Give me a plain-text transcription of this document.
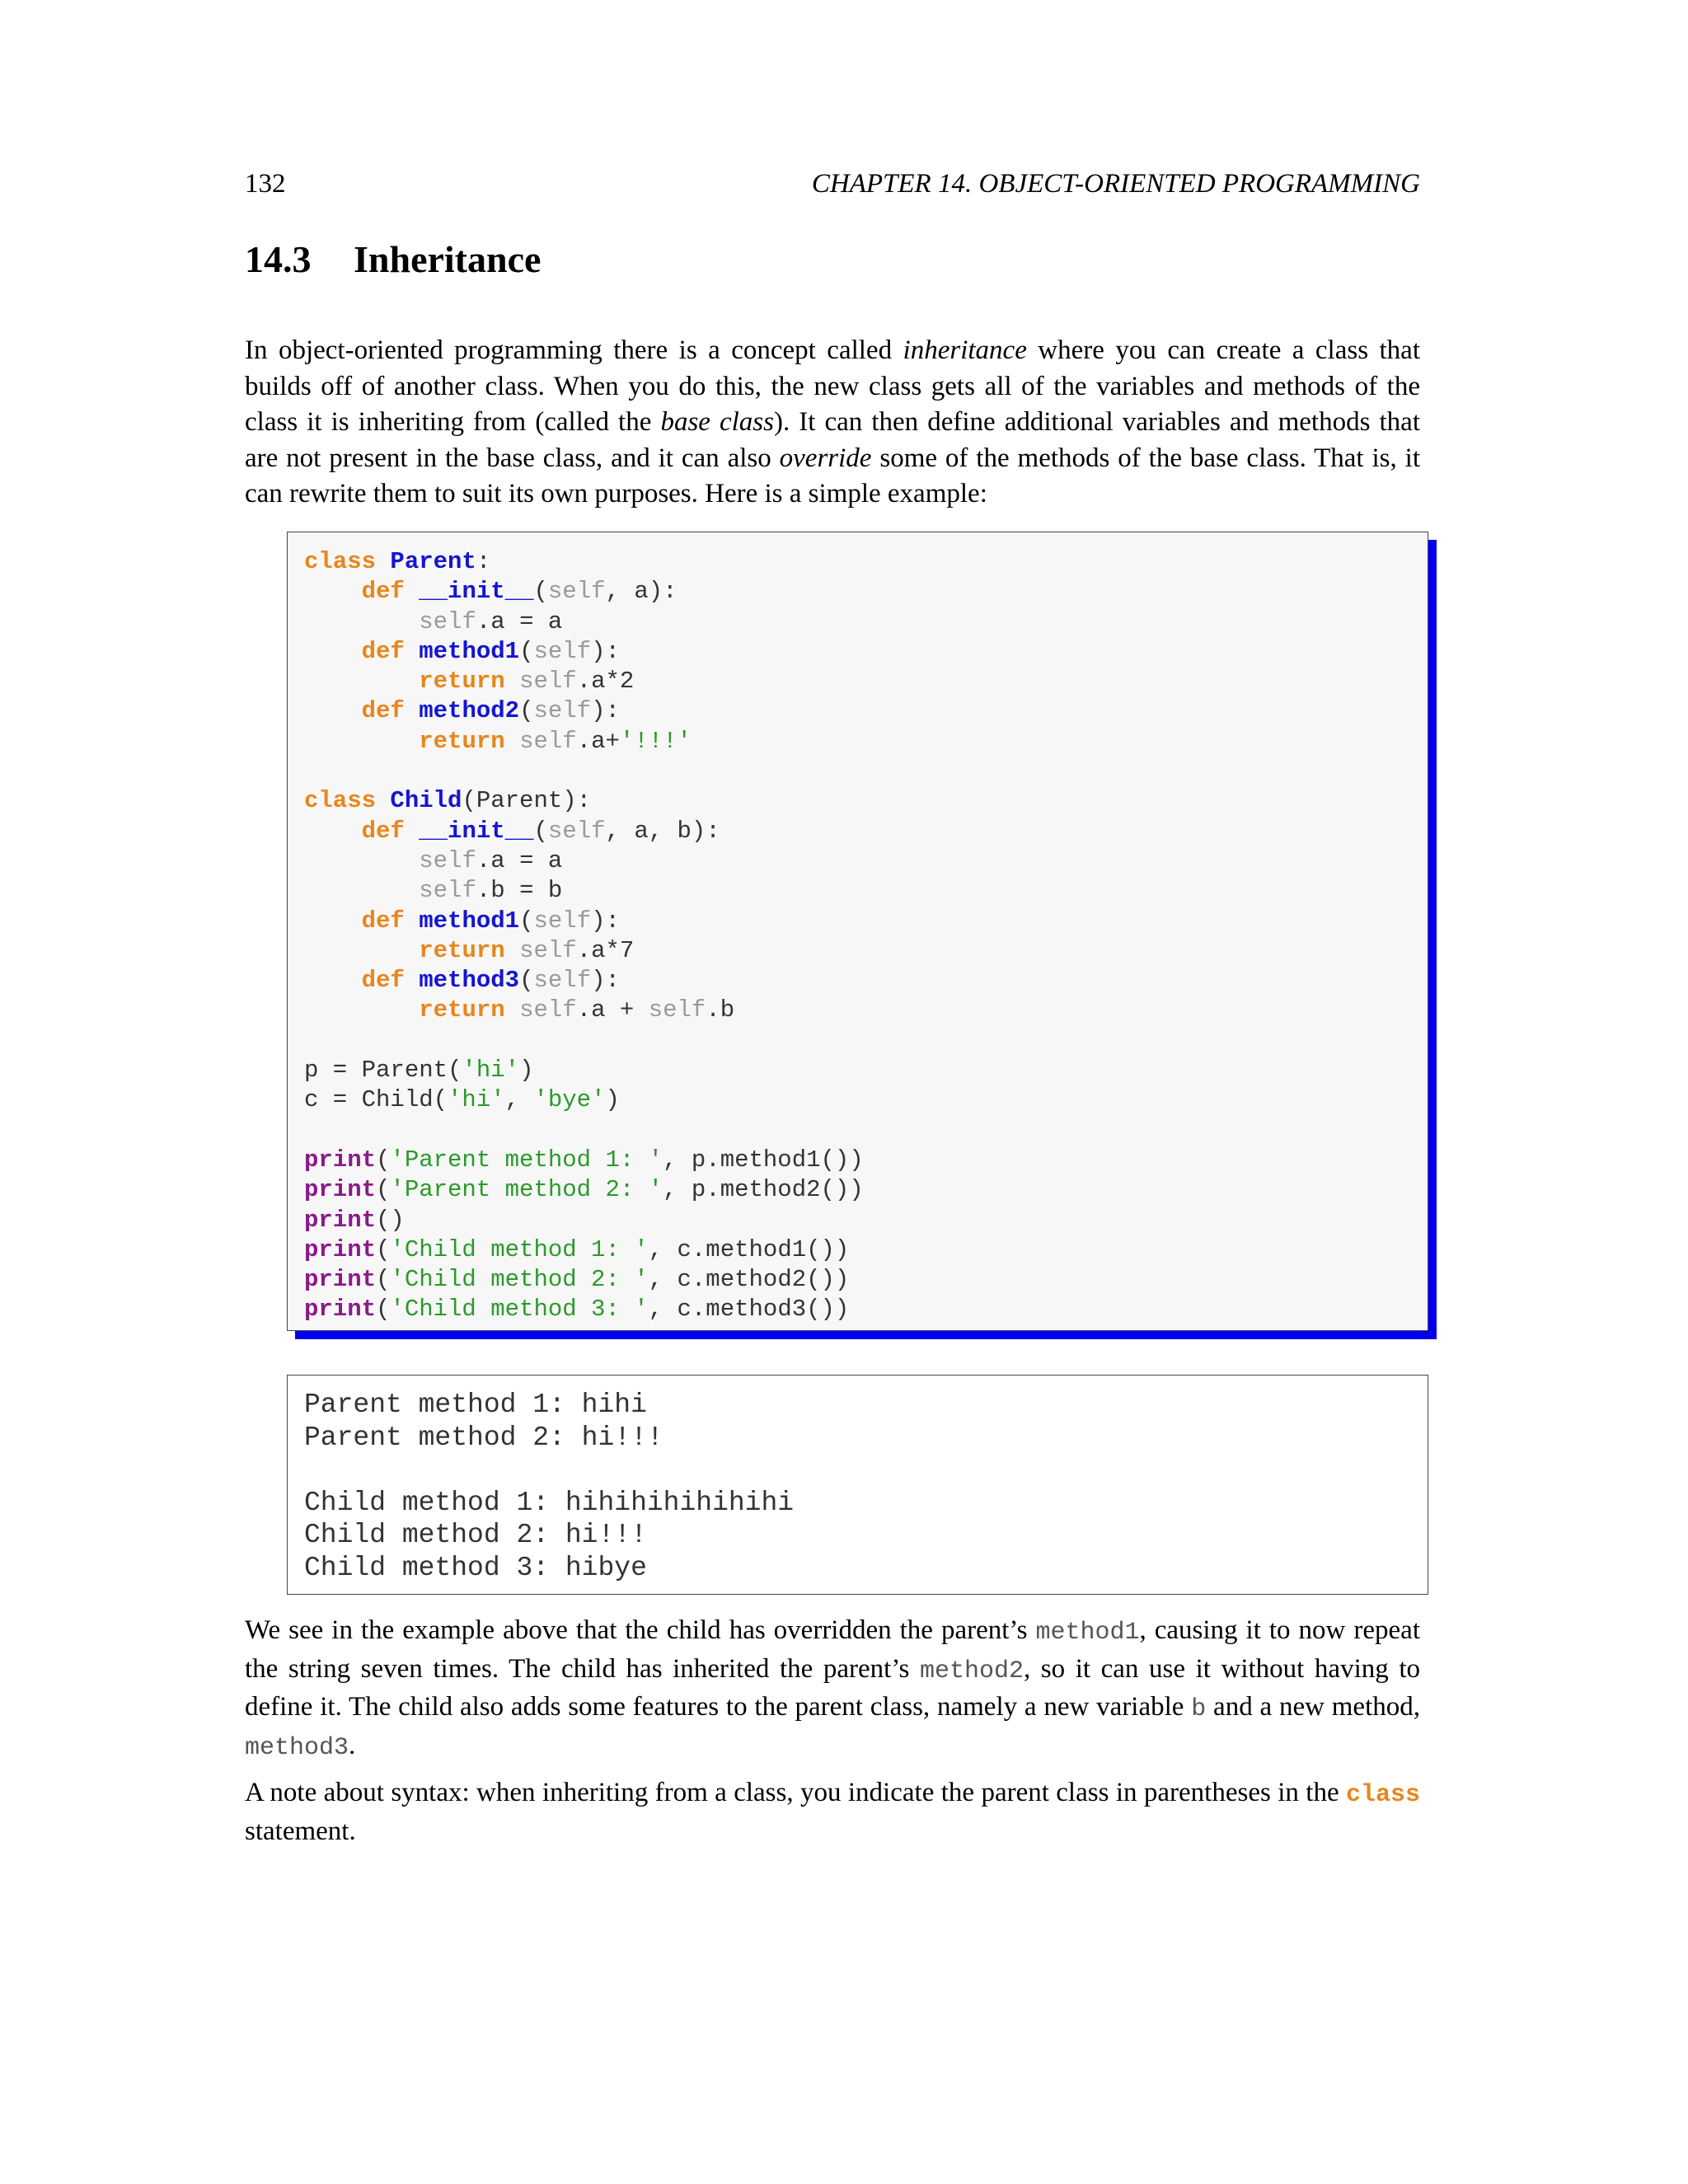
132	CHAPTER 14. OBJECT-ORIENTED PROGRAMMING
14.3 Inheritance

In object-oriented programming there is a concept called inheritance where you can create a class that builds off of another class. When you do this, the new class gets all of the variables and methods of the class it is inheriting from (called the base class). It can then define additional variables and methods that are not present in the base class, and it can also override some of the methods of the base class. That is, it can rewrite them to suit its own purposes. Here is a simple example:

class Parent:
def __init__(self, a):
self.a = a
def method1(self):
return self.a*2
def method2(self):
return self.a+'!!!'

class Child(Parent):
def __init__(self, a, b):
self.a = a
self.b = b
def method1(self):
return self.a*7
def method3(self):
return self.a + self.b

p = Parent('hi')
c = Child('hi', 'bye')

print('Parent method 1: ', p.method1())
print('Parent method 2: ', p.method2())
print()
print('Child method 1: ', c.method1())
print('Child method 2: ', c.method2())
print('Child method 3: ', c.method3())
Parent method 1: hihi
Parent method 2: hi!!!

Child method 1: hihihihihihihi
Child method 2: hi!!!
Child method 3: hibye

We see in the example above that the child has overridden the parent’s method1, causing it to now repeat the string seven times. The child has inherited the parent’s method2, so it can use it without having to define it. The child also adds some features to the parent class, namely a new variable b and a new method, method3.

A note about syntax: when inheriting from a class, you indicate the parent class in parentheses in the class statement.
